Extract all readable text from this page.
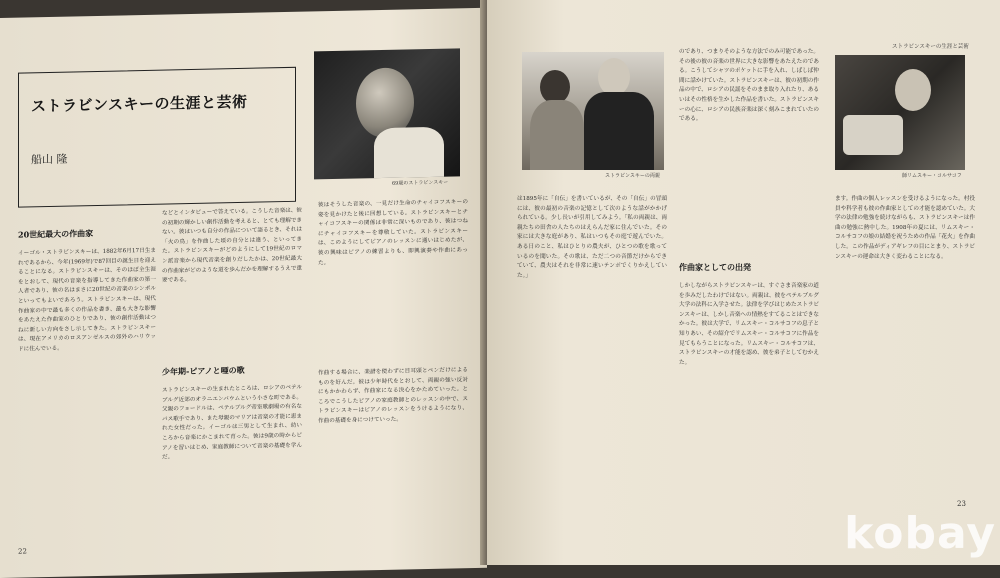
ストラビンスキーの生涯と芸術
船山 隆
69歳のストラビンスキー
20世紀最大の作曲家
イーゴル・ストラビンスキーは、1882年6月17日生まれであるから、今年(1969年)で87回目の誕生日を迎えることになる。ストラビンスキーは、そのほぼ全生涯をとおして、現代の音楽を指導してきた作曲家の第一人者であり、彼の名はまさに20世紀の音楽のシンボルといってもよいであろう。ストラビンスキーは、現代作曲家の中で最も多くの作品を書き、最も大きな影響をあたえた作曲家のひとりであり、彼の創作活動はつねに新しい方向をさし示してきた。ストラビンスキーは、現在アメリカのロスアンゼルスの郊外のハリウッドに住んでいる。
などとインタビューで答えている。こうした音楽は、彼の初期の輝かしい創作活動を考えると、とても理解できない。彼はいつも自分の作品について語るとき、それは「火の鳥」を作曲した頃の自分とは違う、といってきた。ストラビンスキーがどのようにして19世紀のロマン派音楽から現代音楽を創りだしたかは、20世紀最大の作曲家がどのような道を歩んだかを理解するうえで重要である。
少年期-ピアノと唖の歌
ストラビンスキーの生まれたところは、ロシアのペテルブルグ近郊のオラニエンバウムという小さな町である。父親のフョードルは、ペテルブルグ帝室歌劇場の有名なバス歌手であり、また母親のマリアは音楽の才能に恵まれた女性だった。イーゴルは三男として生まれ、幼いころから音楽にかこまれて育った。彼は9歳の時からピアノを習いはじめ、家庭教師について音楽の基礎を学んだ。
彼はそうした音楽の、一見だけ生命のチャイコフスキーの姿を見かけたと後に回想している。ストラビンスキーとチャイコフスキーの関係は非常に深いものであり、彼はつねにチャイコフスキーを尊敬していた。ストラビンスキーは、このようにしてピアノのレッスンに通いはじめたが、彼の興味はピアノの練習よりも、即興演奏や作曲にあった。
作曲する場合に、楽譜を使わずに目耳頭とペンだけによるものを好んだ。彼は少年時代をとおして、両親の強い反対にもかかわらず、作曲家になる決心をかためていった。ところでこうしたピアノの家庭教師とのレッスンの中で、ストラビンスキーはピアノのレッスンをうけるようになり、作曲の基礎を身につけていった。
22
ストラビンスキーの生涯と芸術
ストラビンスキーの両親
のであり、つまりそのような方法でのみ可能であった。その後の彼の音楽の世界に大きな影響をあたえたのである。こうしてシャツのポケットに手を入れ、しばしば仲間に話かけていた。ストラビンスキーは、彼の初期の作品の中で、ロシアの民謡をそのまま取り入れたり、あるいはその性格を生かした作品を書いた。ストラビンスキーの心に、ロシアの民族音楽は深く刻みこまれていたのである。
師リムスキー・コルサコフ
は1895年に「自伝」を書いているが、その「自伝」の冒頭には、彼の最初の音楽の記憶として次のような話がかかげられている。少し長いが引用してみよう。「私の両親は、両親たちの田舎の人たちのはえらんだ家に住んでいた。その家には大きな庭があり、私はいつもその庭で遊んでいた。ある日のこと、私はひとりの農夫が、ひとつの歌を歌っているのを聞いた。その歌は、ただ二つの音節だけからできていて、農夫はそれを非常に速いテンポでくりかえしていた。」
作曲家としての出発
しかしながらストラビンスキーは、すぐさま音楽家の道を歩みだしたわけではない。両親は、彼をペテルブルグ大学の法科に入学させた。法律を学びはじめたストラビンスキーは、しかし音楽への情熱をすてることはできなかった。彼は大学で、リムスキー・コルサコフの息子と知りあい、その紹介でリムスキー・コルサコフに作品を見てもらうことになった。リムスキー・コルサコフは、ストラビンスキーの才能を認め、彼を弟子としてむかえた。
ます。作曲の個人レッスンを受けるようになった。村役員や科学者も彼の作曲家としての才能を認めていた。大学の法律の勉強を続けながらも、ストラビンスキーは作曲の勉強に熱中した。1908年の夏には、リムスキー・コルサコフの娘の結婚を祝うための作品「花火」を作曲した。この作品がディアギレフの目にとまり、ストラビンスキーの運命は大きく変わることになる。
23
kobay
